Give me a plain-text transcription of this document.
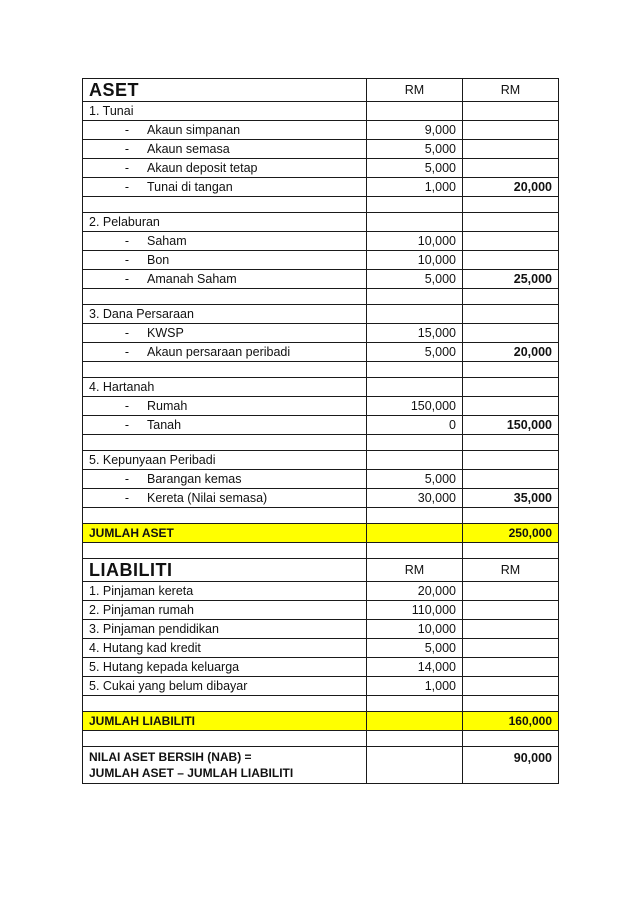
ASET	RM	RM
1. Tunai		

- Akaun simpanan	9,000	

- Akaun semasa	5,000	

- Akaun deposit tetap	5,000	

- Tunai di tangan	1,000	20,000

2. Pelaburan		

- Saham	10,000	

- Bon	10,000	

- Amanah Saham	5,000	25,000

3. Dana Persaraan		

- KWSP	15,000	

- Akaun persaraan peribadi	5,000	20,000

4. Hartanah		

- Rumah	150,000	

- Tanah	0	150,000

5. Kepunyaan Peribadi		

- Barangan kemas	5,000	

- Kereta (Nilai semasa)	30,000	35,000

JUMLAH ASET		250,000

LIABILITI	RM	RM
1. Pinjaman kereta	20,000	
2. Pinjaman rumah	110,000	
3. Pinjaman pendidikan	10,000	
4. Hutang kad kredit	5,000	
5. Hutang kepada keluarga	14,000	
5. Cukai yang belum dibayar	1,000	

JUMLAH LIABILITI		160,000

NILAI ASET BERSIH (NAB) =
JUMLAH ASET – JUMLAH LIABILITI		90,000
